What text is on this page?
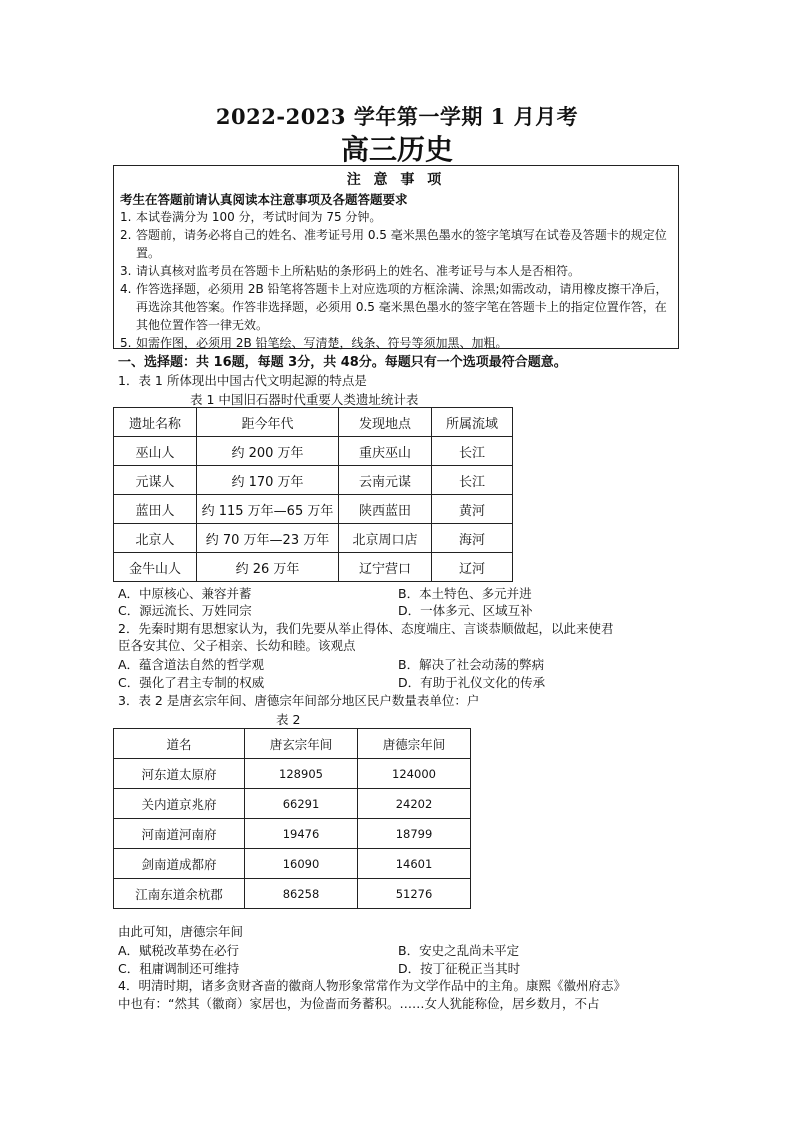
2022-2023 学年第一学期 1 月月考
高三历史
注 意 事 项
考生在答题前请认真阅读本注意事项及各题答题要求
1. 本试卷满分为 100 分，考试时间为 75 分钟。
2. 答题前，请务必将自己的姓名、准考证号用 0.5 毫米黑色墨水的签字笔填写在试卷及答题卡的规定位置。
3. 请认真核对监考员在答题卡上所粘贴的条形码上的姓名、准考证号与本人是否相符。
4. 作答选择题，必须用 2B 铅笔将答题卡上对应选项的方框涂满、涂黑;如需改动，请用橡皮擦干净后，再选涂其他答案。作答非选择题，必须用 0.5 毫米黑色墨水的签字笔在答题卡上的指定位置作答，在其他位置作答一律无效。
5. 如需作图，必须用 2B 铅笔绘、写清楚，线条、符号等须加黑、加粗。
一、选择题：共 16题，每题 3分，共 48分。每题只有一个选项最符合题意。
1．表 1 所体现出中国古代文明起源的特点是
表 1 中国旧石器时代重要人类遗址统计表
遗址名称	距今年代	发现地点	所属流域
巫山人	约 200 万年	重庆巫山	长江
元谋人	约 170 万年	云南元谋	长江
蓝田人	约 115 万年—65 万年	陕西蓝田	黄河
北京人	约 70 万年—23 万年	北京周口店	海河
金牛山人	约 26 万年	辽宁营口	辽河
A．中原核心、兼容并蓄	B．本土特色、多元并进
C．源远流长、万姓同宗	D．一体多元、区域互补
2．先秦时期有思想家认为，我们先要从举止得体、态度端庄、言谈恭顺做起，以此来使君
臣各安其位、父子相亲、长幼和睦。该观点
A．蕴含道法自然的哲学观	B．解决了社会动荡的弊病
C．强化了君主专制的权威	D．有助于礼仪文化的传承
3．表 2 是唐玄宗年间、唐德宗年间部分地区民户数量表单位：户
表 2
道名	唐玄宗年间	唐德宗年间
河东道太原府	128905	124000
关内道京兆府	66291	24202
河南道河南府	19476	18799
剑南道成都府	16090	14601
江南东道余杭郡	86258	51276
由此可知，唐德宗年间
A．赋税改革势在必行	B．安史之乱尚未平定
C．租庸调制还可维持	D．按丁征税正当其时
4．明清时期，诸多贪财吝啬的徽商人物形象常常作为文学作品中的主角。康熙《徽州府志》
中也有：“然其（徽商）家居也，为俭啬而务蓄积。……女人犹能称俭，居乡数月，不占
